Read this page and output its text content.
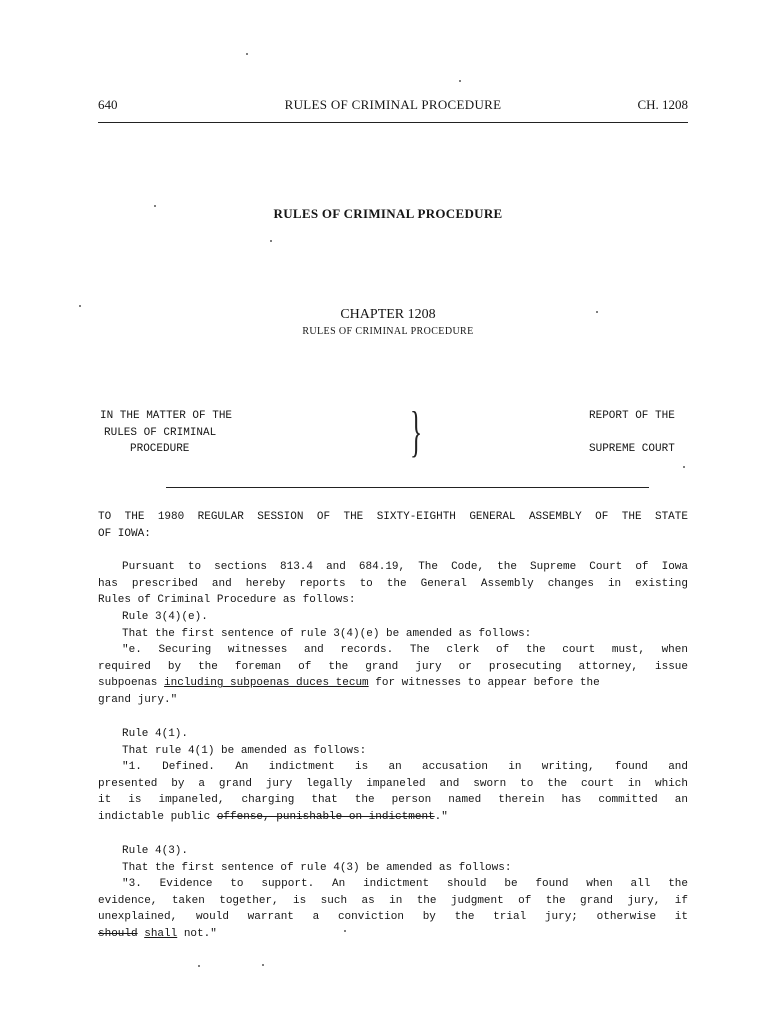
640	RULES OF CRIMINAL PROCEDURE	CH. 1208
RULES OF CRIMINAL PROCEDURE
CHAPTER 1208
RULES OF CRIMINAL PROCEDURE
IN THE MATTER OF THE
RULES OF CRIMINAL
PROCEDURE	}	REPORT OF THE
SUPREME COURT
TO THE 1980 REGULAR SESSION OF THE SIXTY-EIGHTH GENERAL ASSEMBLY OF THE STATE
OF IOWA:
Pursuant to sections 813.4 and 684.19, The Code, the Supreme Court of Iowa
has prescribed and hereby reports to the General Assembly changes in existing
Rules of Criminal Procedure as follows:
Rule 3(4)(e).
That the first sentence of rule 3(4)(e) be amended as follows:
"e. Securing witnesses and records. The clerk of the court must, when
required by the foreman of the grand jury or prosecuting attorney, issue
subpoenas including subpoenas duces tecum for witnesses to appear before the
grand jury."
Rule 4(1).
That rule 4(1) be amended as follows:
"1. Defined. An indictment is an accusation in writing, found and
presented by a grand jury legally impaneled and sworn to the court in which
it is impaneled, charging that the person named therein has committed an
indictable public offense, punishable on indictment."
Rule 4(3).
That the first sentence of rule 4(3) be amended as follows:
"3. Evidence to support. An indictment should be found when all the
evidence, taken together, is such as in the judgment of the grand jury, if
unexplained, would warrant a conviction by the trial jury; otherwise it
should shall not."
